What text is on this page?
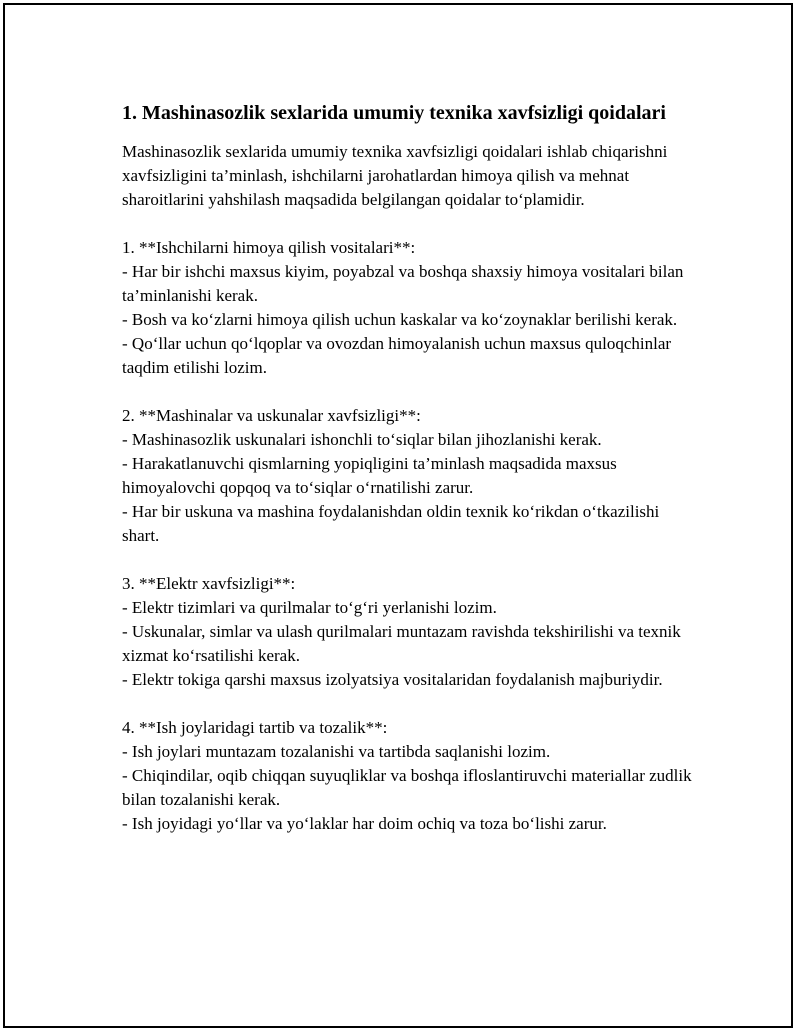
1. Mashinasozlik sexlarida umumiy texnika xavfsizligi qoidalari

Mashinasozlik sexlarida umumiy texnika xavfsizligi qoidalari ishlab chiqarishni xavfsizligini ta’minlash, ishchilarni jarohatlardan himoya qilish va mehnat sharoitlarini yahshilash maqsadida belgilangan qoidalar to‘plamidir.

1. **Ishchilarni himoya qilish vositalari**:

- Har bir ishchi maxsus kiyim, poyabzal va boshqa shaxsiy himoya vositalari bilan ta’minlanishi kerak.

- Bosh va ko‘zlarni himoya qilish uchun kaskalar va ko‘zoynaklar berilishi kerak.

- Qo‘llar uchun qo‘lqoplar va ovozdan himoyalanish uchun maxsus quloqchinlar taqdim etilishi lozim.

2. **Mashinalar va uskunalar xavfsizligi**:

- Mashinasozlik uskunalari ishonchli to‘siqlar bilan jihozlanishi kerak.

- Harakatlanuvchi qismlarning yopiqligini ta’minlash maqsadida maxsus himoyalovchi qopqoq va to‘siqlar o‘rnatilishi zarur.

- Har bir uskuna va mashina foydalanishdan oldin texnik ko‘rikdan o‘tkazilishi shart.

3. **Elektr xavfsizligi**:

- Elektr tizimlari va qurilmalar to‘g‘ri yerlanishi lozim.

- Uskunalar, simlar va ulash qurilmalari muntazam ravishda tekshirilishi va texnik xizmat ko‘rsatilishi kerak.

- Elektr tokiga qarshi maxsus izolyatsiya vositalaridan foydalanish majburiydir.

4. **Ish joylaridagi tartib va tozalik**:

- Ish joylari muntazam tozalanishi va tartibda saqlanishi lozim.

- Chiqindilar, oqib chiqqan suyuqliklar va boshqa ifloslantiruvchi materiallar zudlik bilan tozalanishi kerak.

- Ish joyidagi yo‘llar va yo‘laklar har doim ochiq va toza bo‘lishi zarur.
